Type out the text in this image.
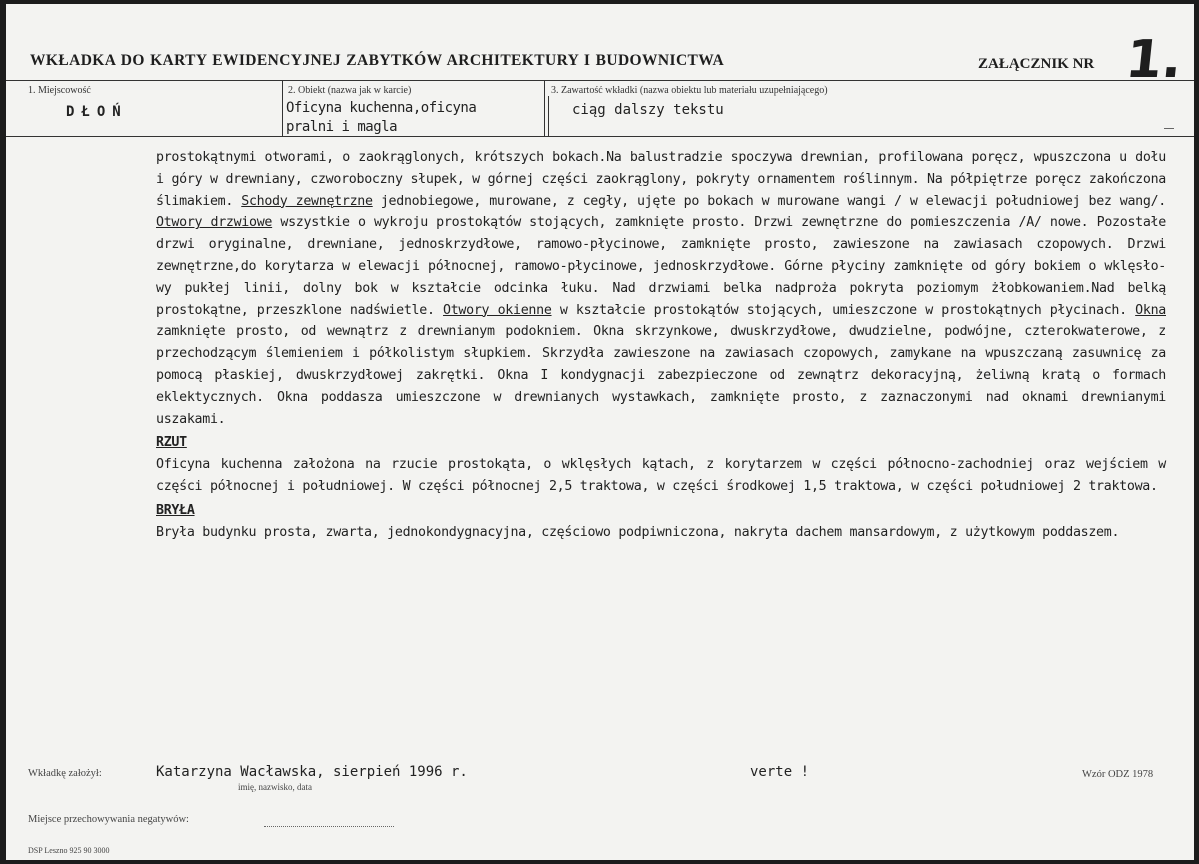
WKŁADKA DO KARTY EWIDENCYJNEJ ZABYTKÓW ARCHITEKTURY I BUDOWNICTWA	ZAŁĄCZNIK NR 1.
1. Miejscowość
DŁOŃ
2. Obiekt (nazwa jak w karcie)
Oficyna kuchenna,oficyna
pralni i magla
3. Zawartość wkładki (nazwa obiektu lub materiału uzupełniającego)
ciąg dalszy tekstu

prostokątnymi otworami, o zaokrąglonych, krótszych bokach.Na balustradzie spoczywa drewnian, profilowana poręcz, wpuszczona u dołu i góry w drewniany, czworoboczny słupek, w górnej części zaokrąglony, pokryty ornamentem roślinnym. Na półpiętrze poręcz zakończona ślimakiem. Schody zewnętrzne jednobiegowe, murowane, z cegły, ujęte po bokach w murowane wangi / w elewacji południowej bez wang/. Otwory drzwiowe wszystkie o wykroju prostokątów stojących, zamknięte prosto. Drzwi zewnętrzne do pomieszczenia /A/ nowe. Pozostałe drzwi oryginalne, drewniane, jednoskrzydłowe, ramowo-płycinowe, zamknięte prosto, zawieszone na zawiasach czopowych. Drzwi zewnętrzne,do korytarza w elewacji północnej, ramowo-płycinowe, jednoskrzydłowe. Górne płyciny zamknięte od góry bokiem o wklęsło-wy pukłej linii, dolny bok w kształcie odcinka łuku. Nad drzwiami belka nadproża pokryta poziomym żłobkowaniem.Nad belką prostokątne, przeszklone nadświetle. Otwory okienne w kształcie prostokątów stojących, umieszczone w prostokątnych płycinach. Okna zamknięte prosto, od wewnątrz z drewnianym podokniem. Okna skrzynkowe, dwuskrzydłowe, dwudzielne, podwójne, czterokwaterowe, z przechodzącym ślemieniem i półkolistym słupkiem. Skrzydła zawieszone na zawiasach czopowych, zamykane na wpuszczaną zasuwnicę za pomocą płaskiej, dwuskrzydłowej zakrętki. Okna I kondygnacji zabezpieczone od zewnątrz dekoracyjną, żeliwną kratą o formach eklektycznych. Okna poddasza umieszczone w drewnianych wystawkach, zamknięte prosto, z zaznaczonymi nad oknami drewnianymi uszakami.

RZUT

Oficyna kuchenna założona na rzucie prostokąta, o wklęsłych kątach, z korytarzem w części północno-zachodniej oraz wejściem w części północnej i południowej. W części północnej 2,5 traktowa, w części środkowej 1,5 traktowa, w części południowej 2 traktowa.

BRYŁA

Bryła budynku prosta, zwarta, jednokondygnacyjna, częściowo podpiwniczona, nakryta dachem mansardowym, z użytkowym poddaszem.

Wkładkę założył:	Katarzyna Wacławska, sierpień 1996 r.
imię, nazwisko, data
verte !	Wzór ODZ 1978
Miejsce przechowywania negatywów:
DSP Leszno 925 90 3000
